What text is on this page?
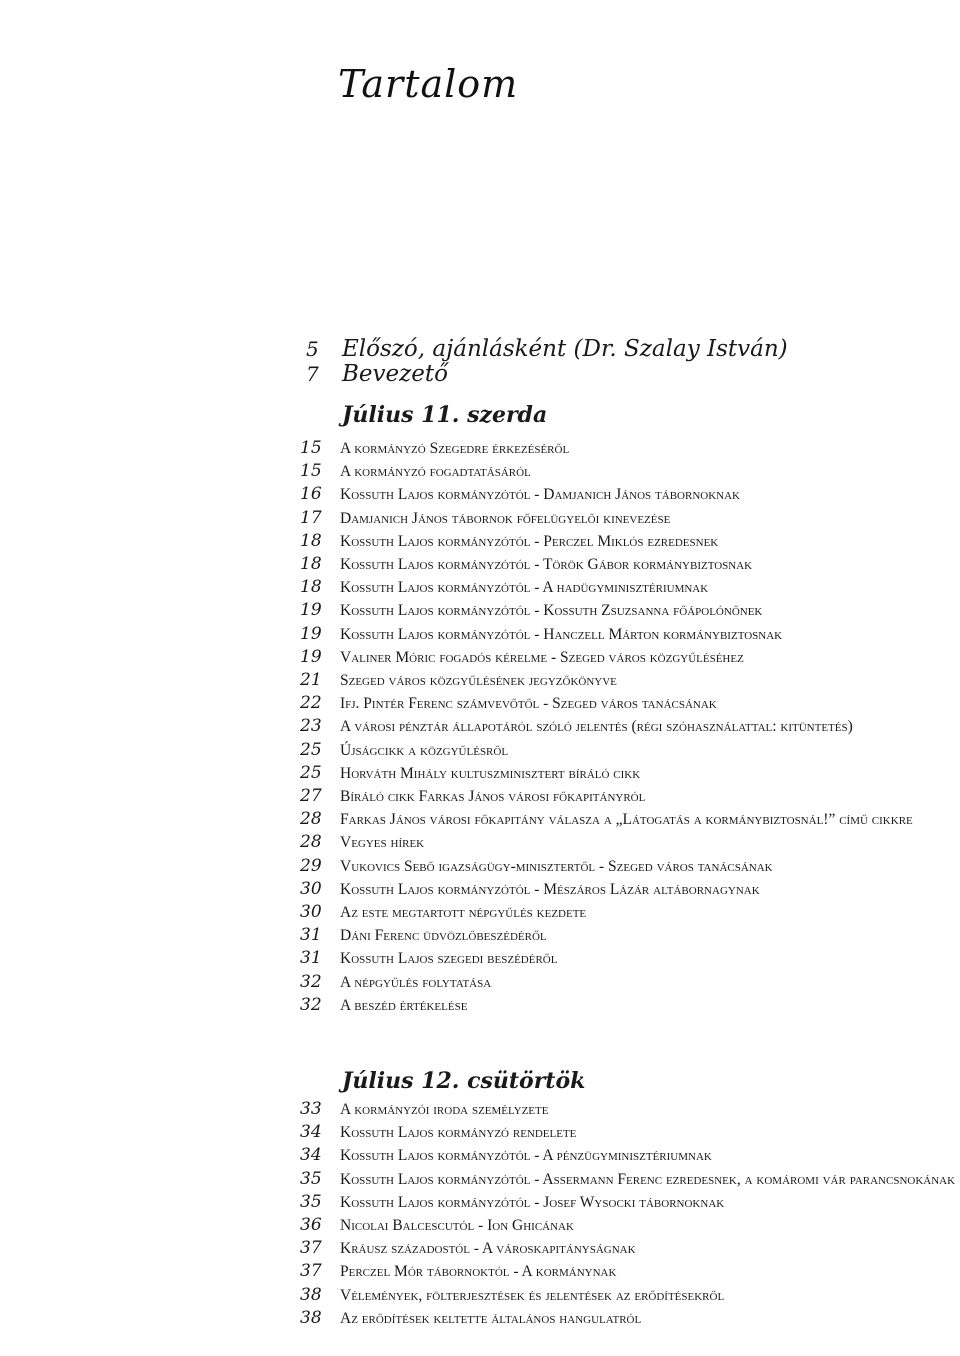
Tartalom
5	Előszó, ajánlásként (Dr. Szalay István)
7	Bevezető
Július 11. szerda
15	A kormányzó Szegedre érkezéséről
15	A kormányzó fogadtatásáról
16	Kossuth Lajos kormányzótól - Damjanich János tábornoknak
17	Damjanich János tábornok főfelügyelői kinevezése
18	Kossuth Lajos kormányzótól - Perczel Miklós ezredesnek
18	Kossuth Lajos kormányzótól - Török Gábor kormánybiztosnak
18	Kossuth Lajos kormányzótól - A hadügyminisztériumnak
19	Kossuth Lajos kormányzótól - Kossuth Zsuzsanna főápolónőnek
19	Kossuth Lajos kormányzótól - Hanczell Márton kormánybiztosnak
19	Valiner Móric fogadós kérelme - Szeged város közgyűléséhez
21	Szeged város közgyűlésének jegyzőkönyve
22	Ifj. Pintér Ferenc számvevőtől - Szeged város tanácsának
23	A városi pénztár állapotáról szóló jelentés (régi szóhasználattal: kitüntetés)
25	Újságcikk a közgyűlésről
25	Horváth Mihály kultuszminisztert bíráló cikk
27	Bíráló cikk Farkas János városi főkapitányról
28	Farkas János városi főkapitány válasza a „Látogatás a kormánybiztosnál!” című cikkre
28	Vegyes hírek
29	Vukovics Sebő igazságügy-minisztertől - Szeged város tanácsának
30	Kossuth Lajos kormányzótól - Mészáros Lázár altábornagynak
30	Az este megtartott népgyűlés kezdete
31	Dáni Ferenc üdvözlőbeszédéről
31	Kossuth Lajos szegedi beszédéről
32	A népgyűlés folytatása
32	A beszéd értékelése
Július 12. csütörtök
33	A kormányzói iroda személyzete
34	Kossuth Lajos kormányzó rendelete
34	Kossuth Lajos kormányzótól - A pénzügyminisztériumnak
35	Kossuth Lajos kormányzótól - Assermann Ferenc ezredesnek, a komáromi vár parancsnokának
35	Kossuth Lajos kormányzótól - Josef Wysocki tábornoknak
36	Nicolai Balcescutól - Ion Ghicának
37	Kráusz századostól - A városkapitányságnak
37	Perczel Mór tábornoktól - A kormánynak
38	Vélemények, fölterjesztések és jelentések az erődítésekről
38	Az erődítések keltette általános hangulatról
